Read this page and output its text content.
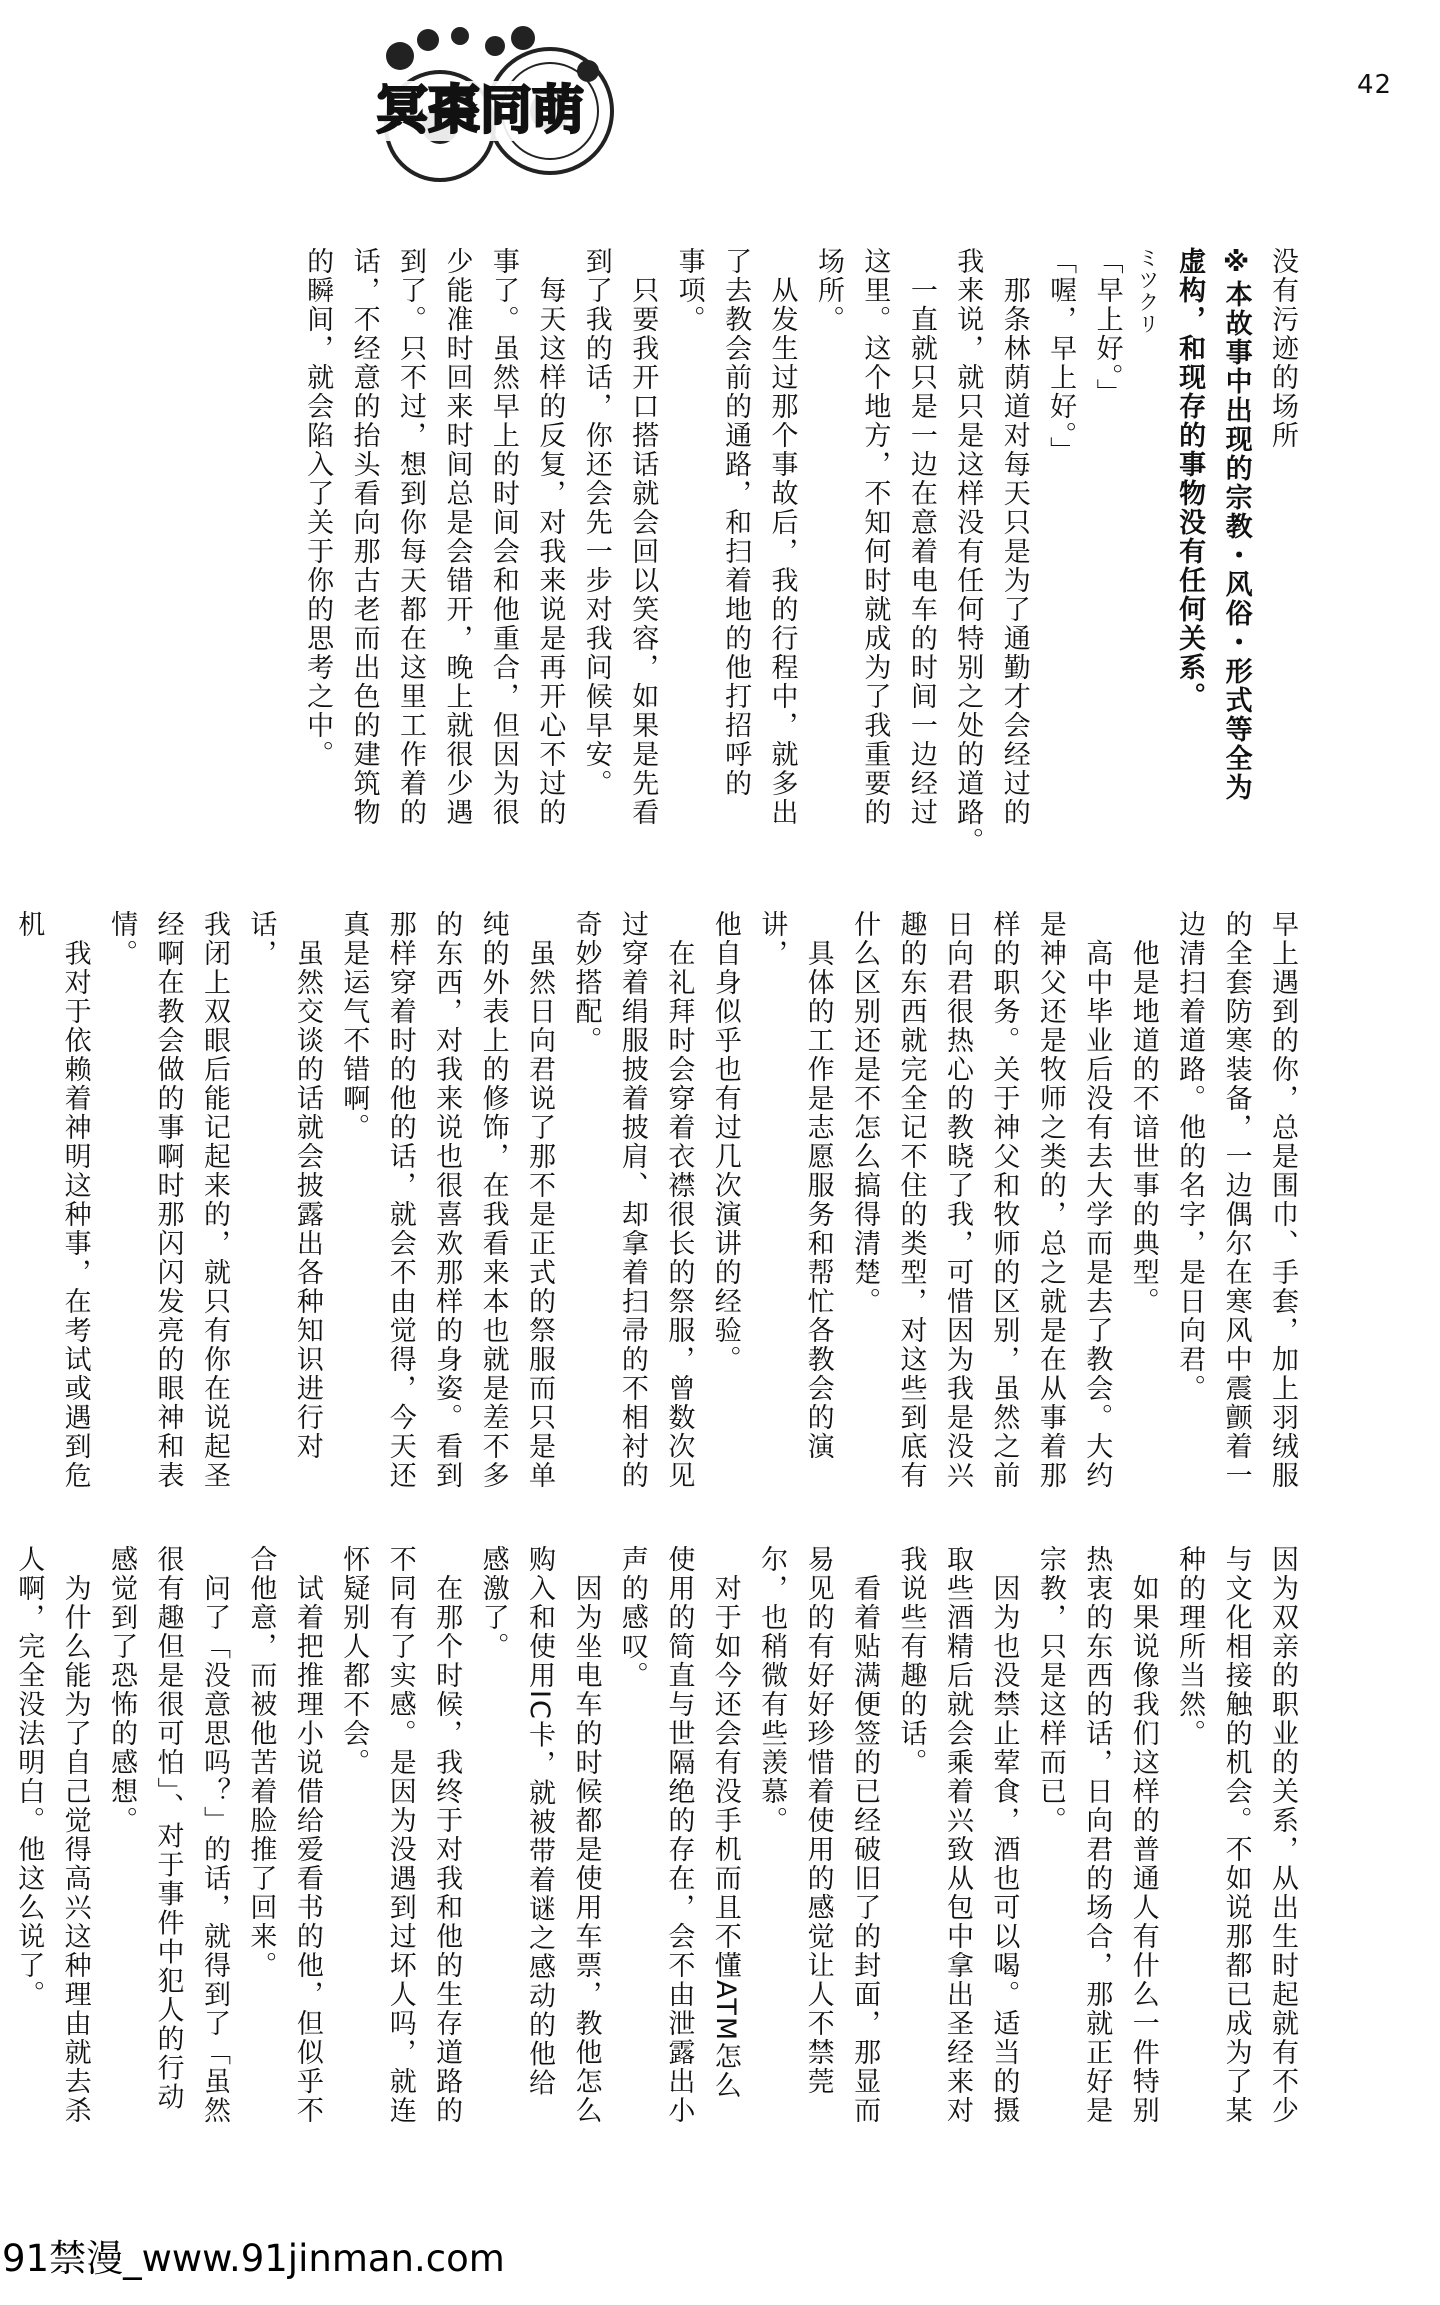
冥棗同萌	42

没有污迹的场所

※本故事中出现的宗教・风俗・形式等全为

虚构，和现存的事物没有任何关系。

ミツクリ

「早上好。」

「喔，早上好。」

　那条林荫道对每天只是为了通勤才会经过的

我来说，就只是这样没有任何特别之处的道路。

　一直就只是一边在意着电车的时间一边经过

这里。这个地方，不知何时就成为了我重要的

场所。

　从发生过那个事故后，我的行程中，就多出

了去教会前的通路，和扫着地的他打招呼的

事项。

　只要我开口搭话就会回以笑容，如果是先看

到了我的话，你还会先一步对我问候早安。

　每天这样的反复，对我来说是再开心不过的

事了。虽然早上的时间会和他重合，但因为很

少能准时回来时间总是会错开，晚上就很少遇

到了。只不过，想到你每天都在这里工作着的

话，不经意的抬头看向那古老而出色的建筑物

的瞬间，就会陷入了关于你的思考之中。

早上遇到的你，总是围巾、手套，加上羽绒服

的全套防寒装备，一边偶尔在寒风中震颤着一

边清扫着道路。他的名字，是日向君。

　他是地道的不谙世事的典型。

　高中毕业后没有去大学而是去了教会。大约

是神父还是牧师之类的，总之就是在从事着那

样的职务。关于神父和牧师的区别，虽然之前

日向君很热心的教晓了我，可惜因为我是没兴

趣的东西就完全记不住的类型，对这些到底有

什么区别还是不怎么搞得清楚。

　具体的工作是志愿服务和帮忙各教会的演讲，

他自身似乎也有过几次演讲的经验。

　在礼拜时会穿着衣襟很长的祭服，曾数次见

过穿着绢服披着披肩、却拿着扫帚的不相衬的

奇妙搭配。

　虽然日向君说了那不是正式的祭服而只是单

纯的外表上的修饰，在我看来本也就是差不多

的东西，对我来说也很喜欢那样的身姿。看到

那样穿着时的他的话，就会不由觉得，今天还

真是运气不错啊。

　虽然交谈的话就会披露出各种知识进行对话，

我闭上双眼后能记起来的，就只有你在说起圣

经啊在教会做的事啊时那闪闪发亮的眼神和表

情。

　我对于依赖着神明这种事，在考试或遇到危机

因为双亲的职业的关系，从出生时起就有不少

与文化相接触的机会。不如说那都已成为了某

种的理所当然。

　如果说像我们这样的普通人有什么一件特别

热衷的东西的话，日向君的场合，那就正好是

宗教，只是这样而已。

　因为也没禁止荤食，酒也可以喝。适当的摄

取些酒精后就会乘着兴致从包中拿出圣经来对

我说些有趣的话。

　看着贴满便签的已经破旧了的封面，那显而

易见的有好好珍惜着使用的感觉让人不禁莞

尔，也稍微有些羡慕。

　对于如今还会有没手机而且不懂ATM怎么

使用的简直与世隔绝的存在，会不由泄露出小

声的感叹。

　因为坐电车的时候都是使用车票，教他怎么

购入和使用IC卡，就被带着谜之感动的他给

感激了。

　在那个时候，我终于对我和他的生存道路的

不同有了实感。是因为没遇到过坏人吗，就连

怀疑别人都不会。

　试着把推理小说借给爱看书的他，但似乎不

合他意，而被他苦着脸推了回来。

　问了「没意思吗？」的话，就得到了「虽然

很有趣但是很可怕」、对于事件中犯人的行动

感觉到了恐怖的感想。

　为什么能为了自己觉得高兴这种理由就去杀

人啊，完全没法明白。他这么说了。

91禁漫_www.91jinman.com
